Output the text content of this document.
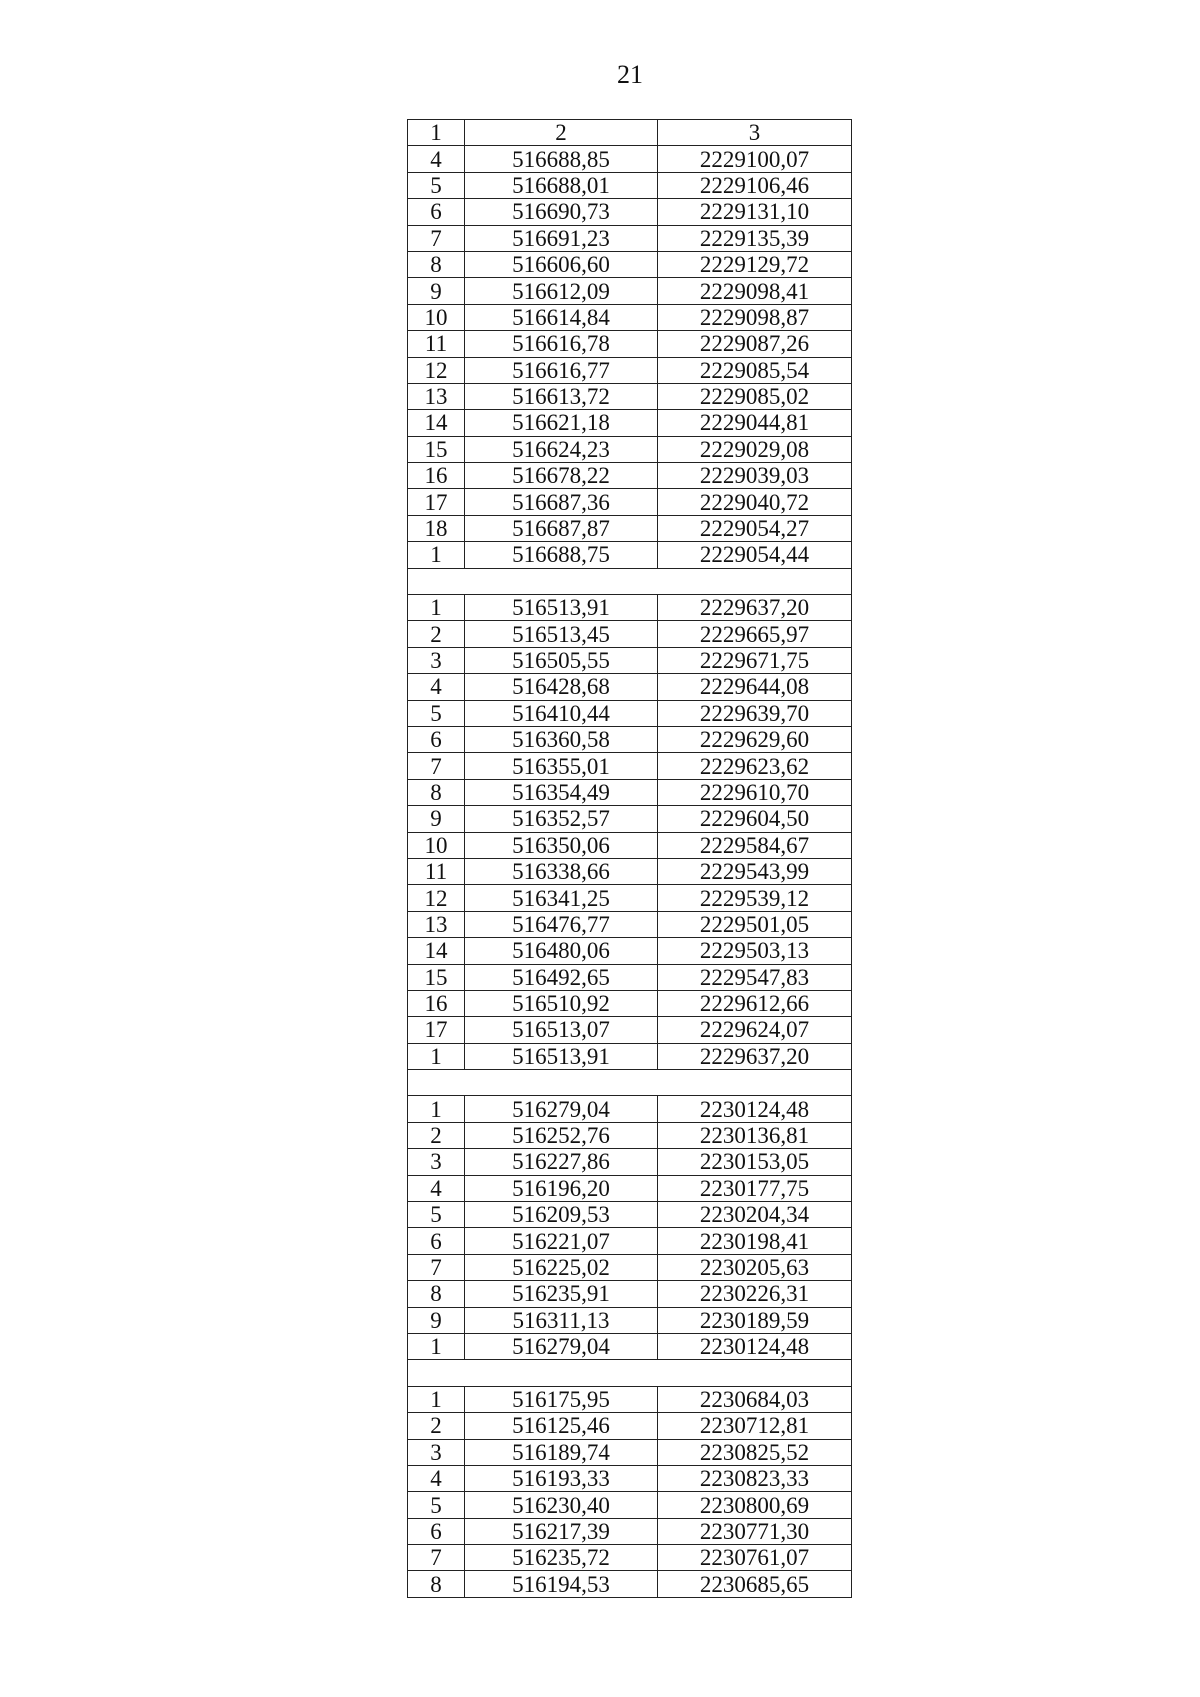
21
1	2	3
4	516688,85	2229100,07
5	516688,01	2229106,46
6	516690,73	2229131,10
7	516691,23	2229135,39
8	516606,60	2229129,72
9	516612,09	2229098,41
10	516614,84	2229098,87
11	516616,78	2229087,26
12	516616,77	2229085,54
13	516613,72	2229085,02
14	516621,18	2229044,81
15	516624,23	2229029,08
16	516678,22	2229039,03
17	516687,36	2229040,72
18	516687,87	2229054,27
1	516688,75	2229054,44

1	516513,91	2229637,20
2	516513,45	2229665,97
3	516505,55	2229671,75
4	516428,68	2229644,08
5	516410,44	2229639,70
6	516360,58	2229629,60
7	516355,01	2229623,62
8	516354,49	2229610,70
9	516352,57	2229604,50
10	516350,06	2229584,67
11	516338,66	2229543,99
12	516341,25	2229539,12
13	516476,77	2229501,05
14	516480,06	2229503,13
15	516492,65	2229547,83
16	516510,92	2229612,66
17	516513,07	2229624,07
1	516513,91	2229637,20

1	516279,04	2230124,48
2	516252,76	2230136,81
3	516227,86	2230153,05
4	516196,20	2230177,75
5	516209,53	2230204,34
6	516221,07	2230198,41
7	516225,02	2230205,63
8	516235,91	2230226,31
9	516311,13	2230189,59
1	516279,04	2230124,48

1	516175,95	2230684,03
2	516125,46	2230712,81
3	516189,74	2230825,52
4	516193,33	2230823,33
5	516230,40	2230800,69
6	516217,39	2230771,30
7	516235,72	2230761,07
8	516194,53	2230685,65
